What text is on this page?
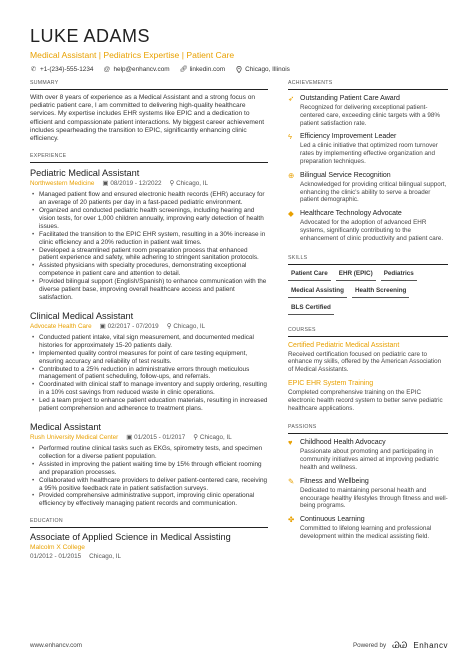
LUKE ADAMS
Medical Assistant | Pediatrics Expertise | Patient Care
✆ +1-(234)-555-1234 @ help@enhancv.com 🔗︎ linkedin.com	Chicago, Illinois
SUMMARY
With over 8 years of experience as a Medical Assistant and a strong focus on pediatric patient care, I am committed to delivering high-quality healthcare services. My expertise includes EHR systems like EPIC and a dedication to efficient and compassionate patient interactions. My biggest career achievement includes spearheading the transition to EPIC, significantly enhancing clinic efficiency.
EXPERIENCE
Pediatric Medical Assistant
Northwestern Medicine ▣ 08/2019 - 12/2022 ⚲ Chicago, IL
• Managed patient flow and ensured electronic health records (EHR) accuracy for an average of 20 patients per day in a fast-paced pediatric environment.
• Organized and conducted pediatric health screenings, including hearing and vision tests, for over 1,000 children annually, improving early detection of health issues.
• Facilitated the transition to the EPIC EHR system, resulting in a 30% increase in clinic efficiency and a 20% reduction in patient wait times.
• Developed a streamlined patient room preparation process that enhanced patient experience and safety, while adhering to stringent sanitation protocols.
• Assisted physicians with specialty procedures, demonstrating exceptional competence in patient care and attention to detail.
• Provided bilingual support (English/Spanish) to enhance communication with the diverse patient base, improving overall healthcare access and patient satisfaction.
Clinical Medical Assistant
Advocate Health Care ▣ 02/2017 - 07/2019 ⚲ Chicago, IL
• Conducted patient intake, vital sign measurement, and documented medical histories for approximately 15-20 patients daily.
• Implemented quality control measures for point of care testing equipment, ensuring accuracy and reliability of test results.
• Contributed to a 25% reduction in administrative errors through meticulous management of patient scheduling, follow-ups, and referrals.
• Coordinated with clinical staff to manage inventory and supply ordering, resulting in a 10% cost savings from reduced waste in clinic operations.
• Led a team project to enhance patient education materials, resulting in increased patient comprehension and adherence to treatment plans.
Medical Assistant
Rush University Medical Center ▣ 01/2015 - 01/2017 ⚲ Chicago, IL
• Performed routine clinical tasks such as EKGs, spirometry tests, and specimen collection for a diverse patient population.
• Assisted in improving the patient waiting time by 15% through efficient rooming and preparation processes.
• Collaborated with healthcare providers to deliver patient-centered care, receiving a 95% positive feedback rate in patient satisfaction surveys.
• Provided comprehensive administrative support, improving clinic operational efficiency by effectively managing patient records and communication.
EDUCATION
Associate of Applied Science in Medical Assisting
Malcolm X College
01/2012 - 01/2015 Chicago, IL
ACHIEVEMENTS
➶ Outstanding Patient Care Award
Recognized for delivering exceptional patient-centered care, exceeding clinic targets with a 98% patient satisfaction rate.
ϟ	Efficiency Improvement Leader
Led a clinic initiative that optimized room turnover rates by implementing effective organization and preparation techniques.
⊕ Bilingual Service Recognition
Acknowledged for providing critical bilingual support, enhancing the clinic's ability to serve a broader patient demographic.
◆ Healthcare Technology Advocate
Advocated for the adoption of advanced EHR systems, significantly contributing to the enhancement of clinic productivity and patient care.
SKILLS
Patient Care	EHR (EPIC)	Pediatrics
Medical Assisting	Health Screening
BLS Certified
COURSES
Certified Pediatric Medical Assistant
Received certification focused on pediatric care to enhance my skills, offered by the American Association of Medical Assistants.
EPIC EHR System Training
Completed comprehensive training on the EPIC electronic health record system to better serve pediatric healthcare applications.
PASSIONS
♥	Childhood Health Advocacy
Passionate about promoting and participating in community initiatives aimed at improving pediatric health and wellness.
✎ Fitness and Wellbeing
Dedicated to maintaining personal health and encourage healthy lifestyles through fitness and well-being programs.
✤ Continuous Learning
Committed to lifelong learning and professional development within the medical assisting field.
www.enhancv.com	Powered by ᏊᏊ Enhancv
